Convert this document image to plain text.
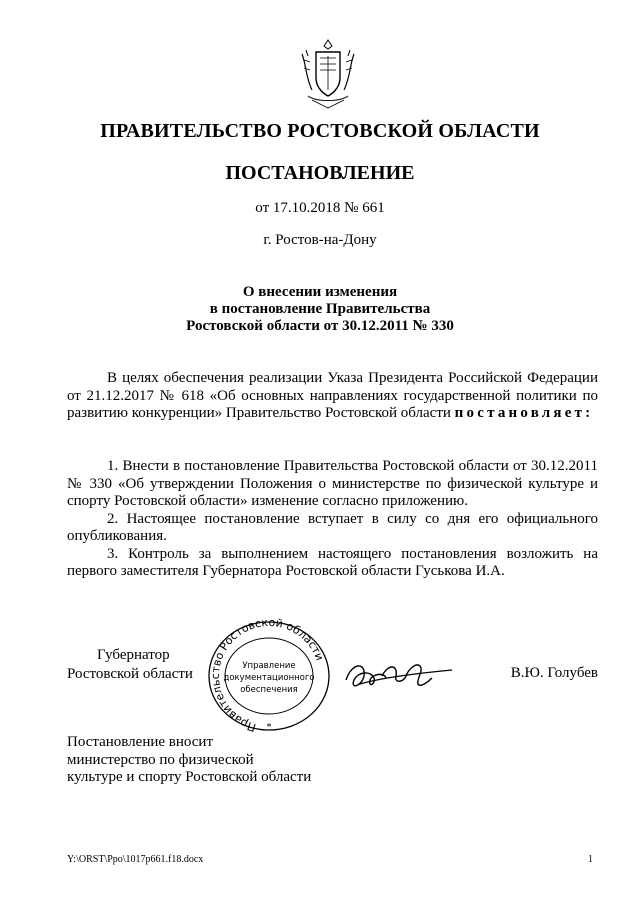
ПРАВИТЕЛЬСТВО РОСТОВСКОЙ ОБЛАСТИ
ПОСТАНОВЛЕНИЕ
от 17.10.2018 № 661
г. Ростов-на-Дону
О внесении изменения
в постановление Правительства
Ростовской области от 30.12.2011 № 330
В целях обеспечения реализации Указа Президента Российской Федерации от 21.12.2017 № 618 «Об основных направлениях государственной политики по развитию конкуренции» Правительство Ростовской области постановляет:
1. Внести в постановление Правительства Ростовской области от 30.12.2011 № 330 «Об утверждении Положения о министерстве по физической культуре и спорту Ростовской области» изменение согласно приложению.
2. Настоящее постановление вступает в силу со дня его официального опубликования.
3. Контроль за выполнением настоящего постановления возложить на первого заместителя Губернатора Ростовской области Гуськова И.А.
Губернатор
Ростовской области
Правительство Ростовской области
Управление
документационного
обеспечения
*
В.Ю. Голубев
Постановление вносит
министерство по физической
культуре и спорту Ростовской области
Y:\ORST\Ppo\1017p661.f18.docx	1
